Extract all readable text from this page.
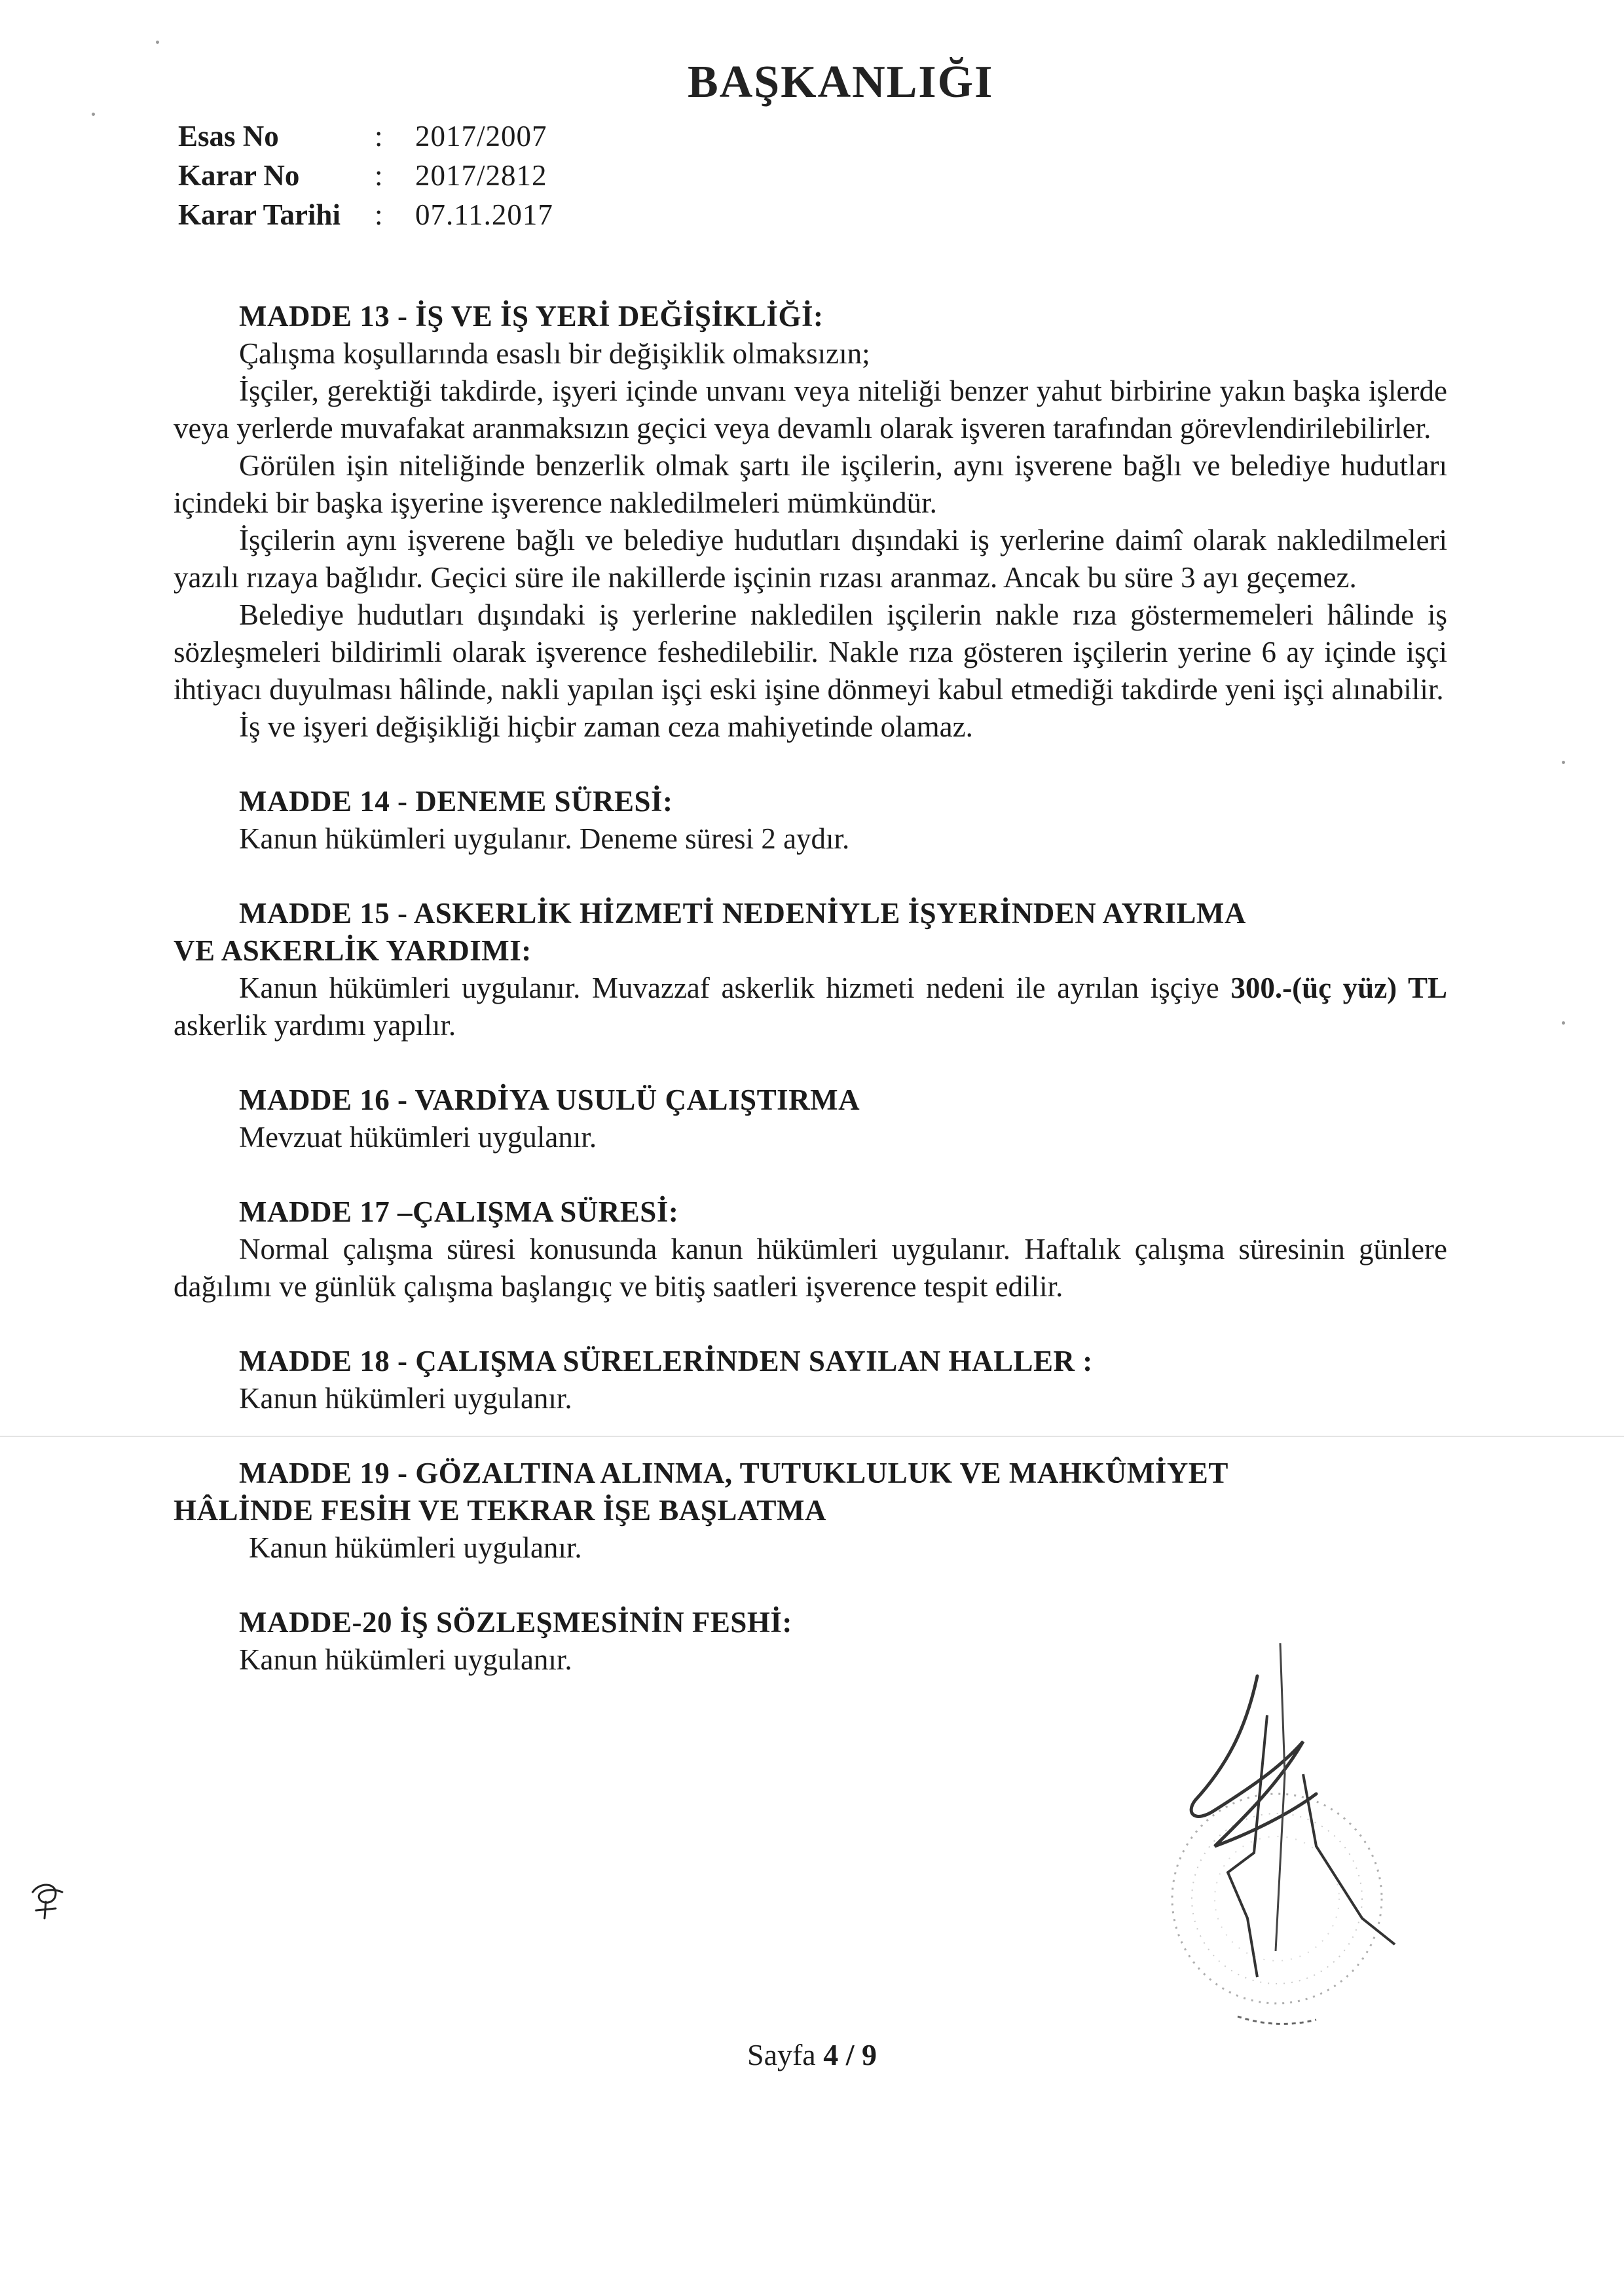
BAŞKANLIĞI
Esas No	:	2017/2007
Karar No	:	2017/2812
Karar Tarihi	:	07.11.2017

MADDE 13 - İŞ VE İŞ YERİ DEĞİŞİKLİĞİ:

Çalışma koşullarında esaslı bir değişiklik olmaksızın;

İşçiler, gerektiği takdirde, işyeri içinde unvanı veya niteliği benzer yahut birbirine yakın başka işlerde veya yerlerde muvafakat aranmaksızın geçici veya devamlı olarak işveren tarafından görevlendirilebilirler.

Görülen işin niteliğinde benzerlik olmak şartı ile işçilerin, aynı işverene bağlı ve belediye hudutları içindeki bir başka işyerine işverence nakledilmeleri mümkündür.

İşçilerin aynı işverene bağlı ve belediye hudutları dışındaki iş yerlerine daimî olarak nakledilmeleri yazılı rızaya bağlıdır. Geçici süre ile nakillerde işçinin rızası aranmaz. Ancak bu süre 3 ayı geçemez.

Belediye hudutları dışındaki iş yerlerine nakledilen işçilerin nakle rıza göstermemeleri hâlinde iş sözleşmeleri bildirimli olarak işverence feshedilebilir. Nakle rıza gösteren işçilerin yerine 6 ay içinde işçi ihtiyacı duyulması hâlinde, nakli yapılan işçi eski işine dönmeyi kabul etmediği takdirde yeni işçi alınabilir.

İş ve işyeri değişikliği hiçbir zaman ceza mahiyetinde olamaz.

MADDE 14 - DENEME SÜRESİ:

Kanun hükümleri uygulanır. Deneme süresi 2 aydır.

MADDE 15 - ASKERLİK HİZMETİ NEDENİYLE İŞYERİNDEN AYRILMA

VE ASKERLİK YARDIMI:

Kanun hükümleri uygulanır. Muvazzaf askerlik hizmeti nedeni ile ayrılan işçiye 300.-(üç yüz) TL askerlik yardımı yapılır.

MADDE 16 - VARDİYA USULÜ ÇALIŞTIRMA

Mevzuat hükümleri uygulanır.

MADDE 17 –ÇALIŞMA SÜRESİ:

Normal çalışma süresi konusunda kanun hükümleri uygulanır. Haftalık çalışma süresinin günlere dağılımı ve günlük çalışma başlangıç ve bitiş saatleri işverence tespit edilir.

MADDE 18 - ÇALIŞMA SÜRELERİNDEN SAYILAN HALLER :

Kanun hükümleri uygulanır.

MADDE 19 - GÖZALTINA ALINMA, TUTUKLULUK VE MAHKÛMİYET

HÂLİNDE FESİH VE TEKRAR İŞE BAŞLATMA

Kanun hükümleri uygulanır.

MADDE-20 İŞ SÖZLEŞMESİNİN FESHİ:

Kanun hükümleri uygulanır.

Sayfa 4 / 9
